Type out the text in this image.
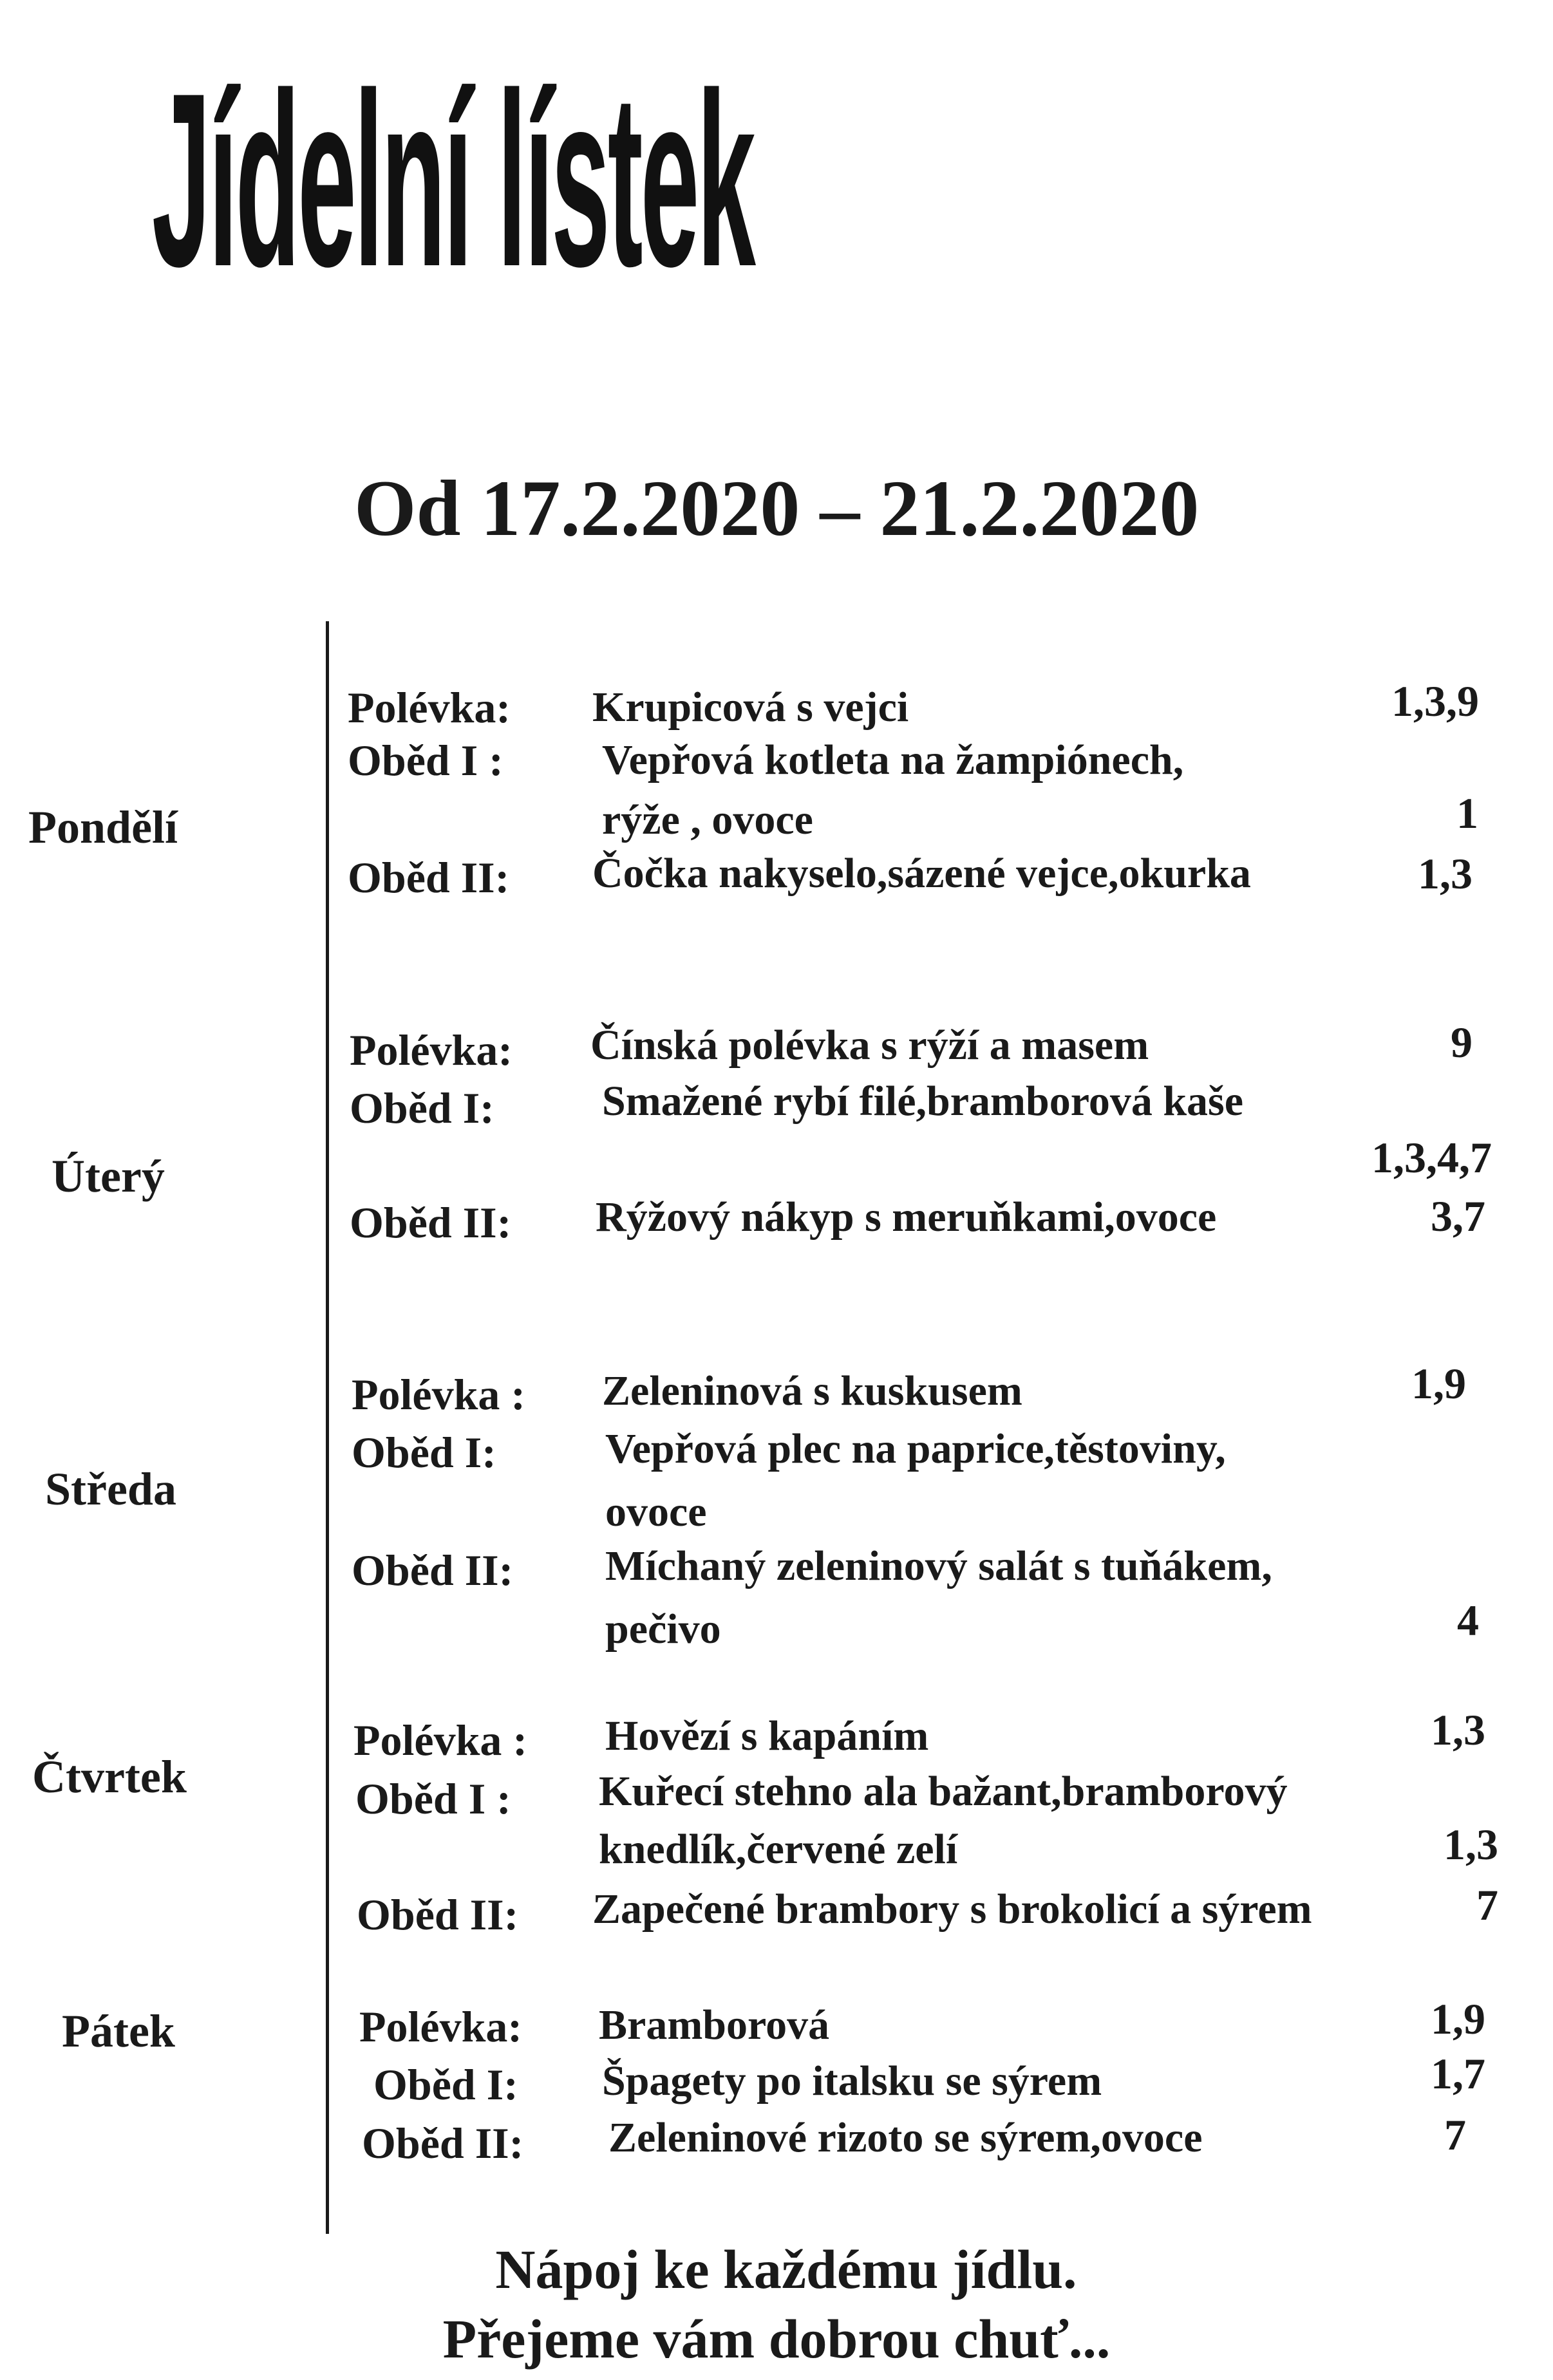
Jídelní lístek
Od 17.2.2020 – 21.2.2020
Pondělí
Polévka: Krupicová s vejci	1,3,9
Oběd I : Vepřová kotleta na žampiónech,
rýže , ovoce	1
Oběd II: Čočka nakyselo,sázené vejce,okurka	1,3
Úterý
Polévka: Čínská polévka s rýží a masem	9
Oběd I:	Smažené rybí filé,bramborová kaše
1,3,4,7
Oběd II: Rýžový nákyp s meruňkami,ovoce	3,7
Středa
Polévka : Zeleninová s kuskusem	1,9
Oběd I:	Vepřová plec na paprice,těstoviny,
ovoce
Oběd II: Míchaný zeleninový salát s tuňákem,
pečivo	4
Čtvrtek
Polévka : Hovězí s kapáním	1,3
Oběd I : Kuřecí stehno ala bažant,bramborový
knedlík,červené zelí	1,3
Oběd II: Zapečené brambory s brokolicí a sýrem	7
Pátek	Polévka: Bramborová	1,9
Oběd I: Špagety po italsku se sýrem	1,7
Oběd II: Zeleninové rizoto se sýrem,ovoce	7
Nápoj ke každému jídlu.
Přejeme vám dobrou chuť...
